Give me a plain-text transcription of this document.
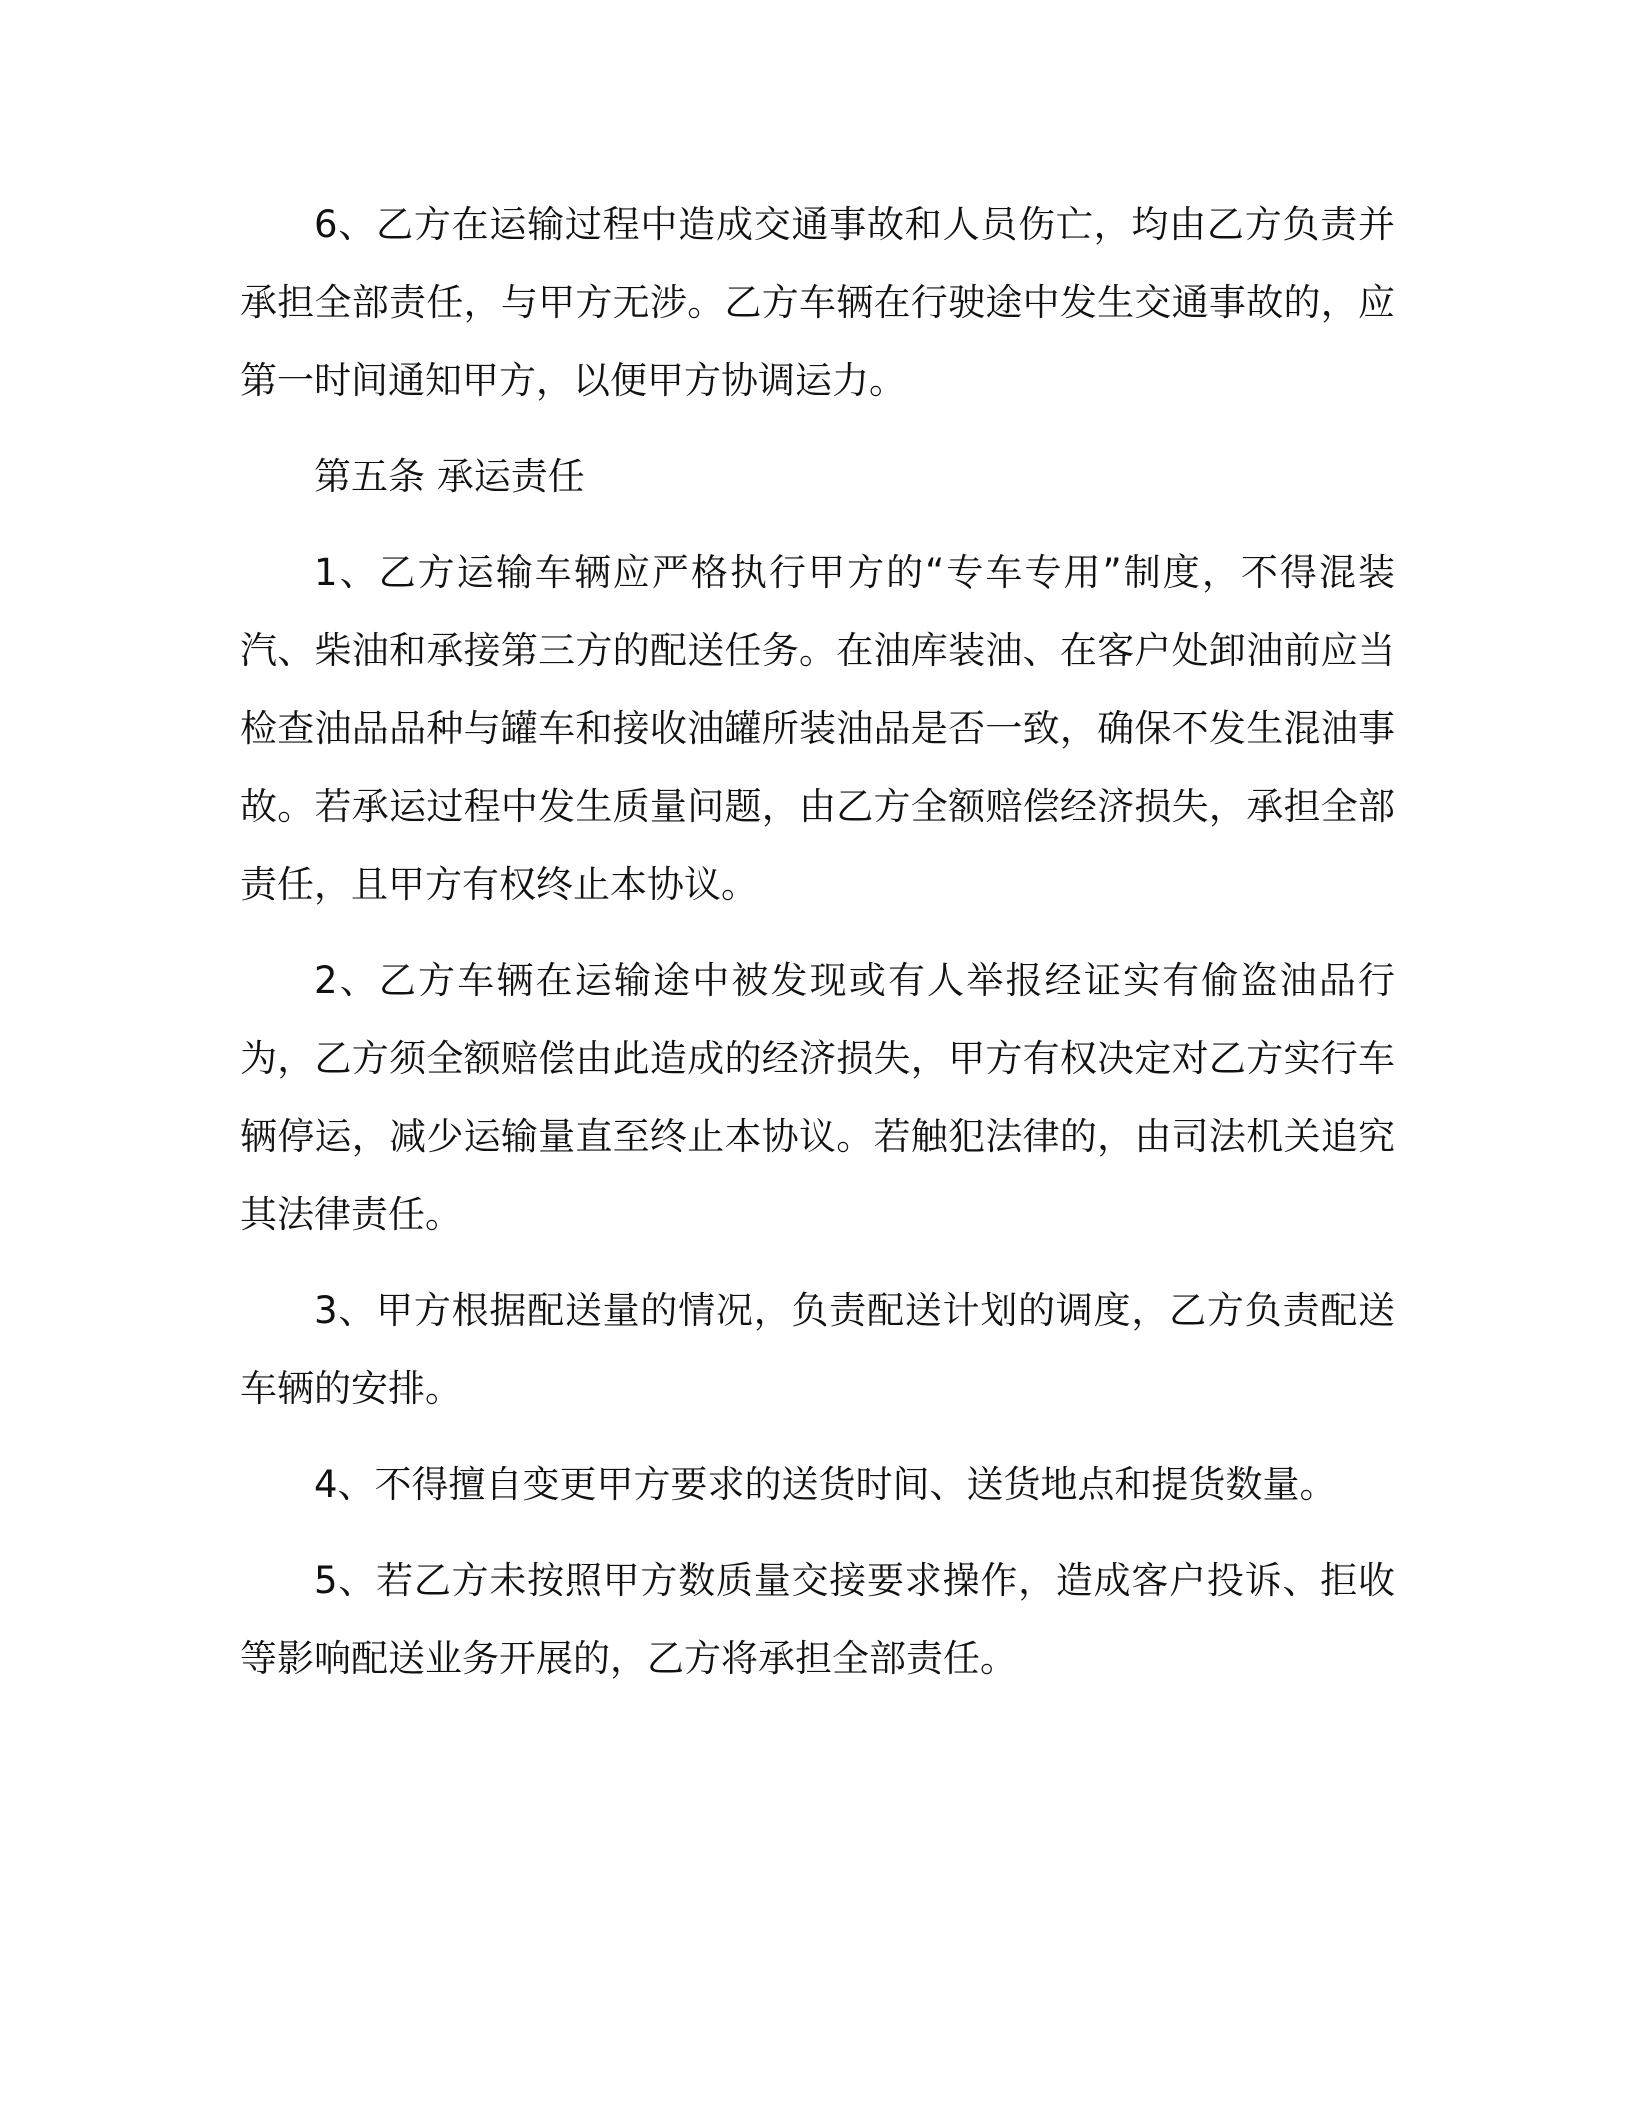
6、乙方在运输过程中造成交通事故和人员伤亡，均由乙方负责并承担全部责任，与甲方无涉。乙方车辆在行驶途中发生交通事故的，应第一时间通知甲方，以便甲方协调运力。

第五条 承运责任

1、乙方运输车辆应严格执行甲方的“专车专用”制度，不得混装汽、柴油和承接第三方的配送任务。在油库装油、在客户处卸油前应当检查油品品种与罐车和接收油罐所装油品是否一致，确保不发生混油事故。若承运过程中发生质量问题，由乙方全额赔偿经济损失，承担全部责任，且甲方有权终止本协议。

2、乙方车辆在运输途中被发现或有人举报经证实有偷盗油品行为，乙方须全额赔偿由此造成的经济损失，甲方有权决定对乙方实行车辆停运，减少运输量直至终止本协议。若触犯法律的，由司法机关追究其法律责任。

3、甲方根据配送量的情况，负责配送计划的调度，乙方负责配送车辆的安排。

4、不得擅自变更甲方要求的送货时间、送货地点和提货数量。

5、若乙方未按照甲方数质量交接要求操作，造成客户投诉、拒收等影响配送业务开展的，乙方将承担全部责任。
